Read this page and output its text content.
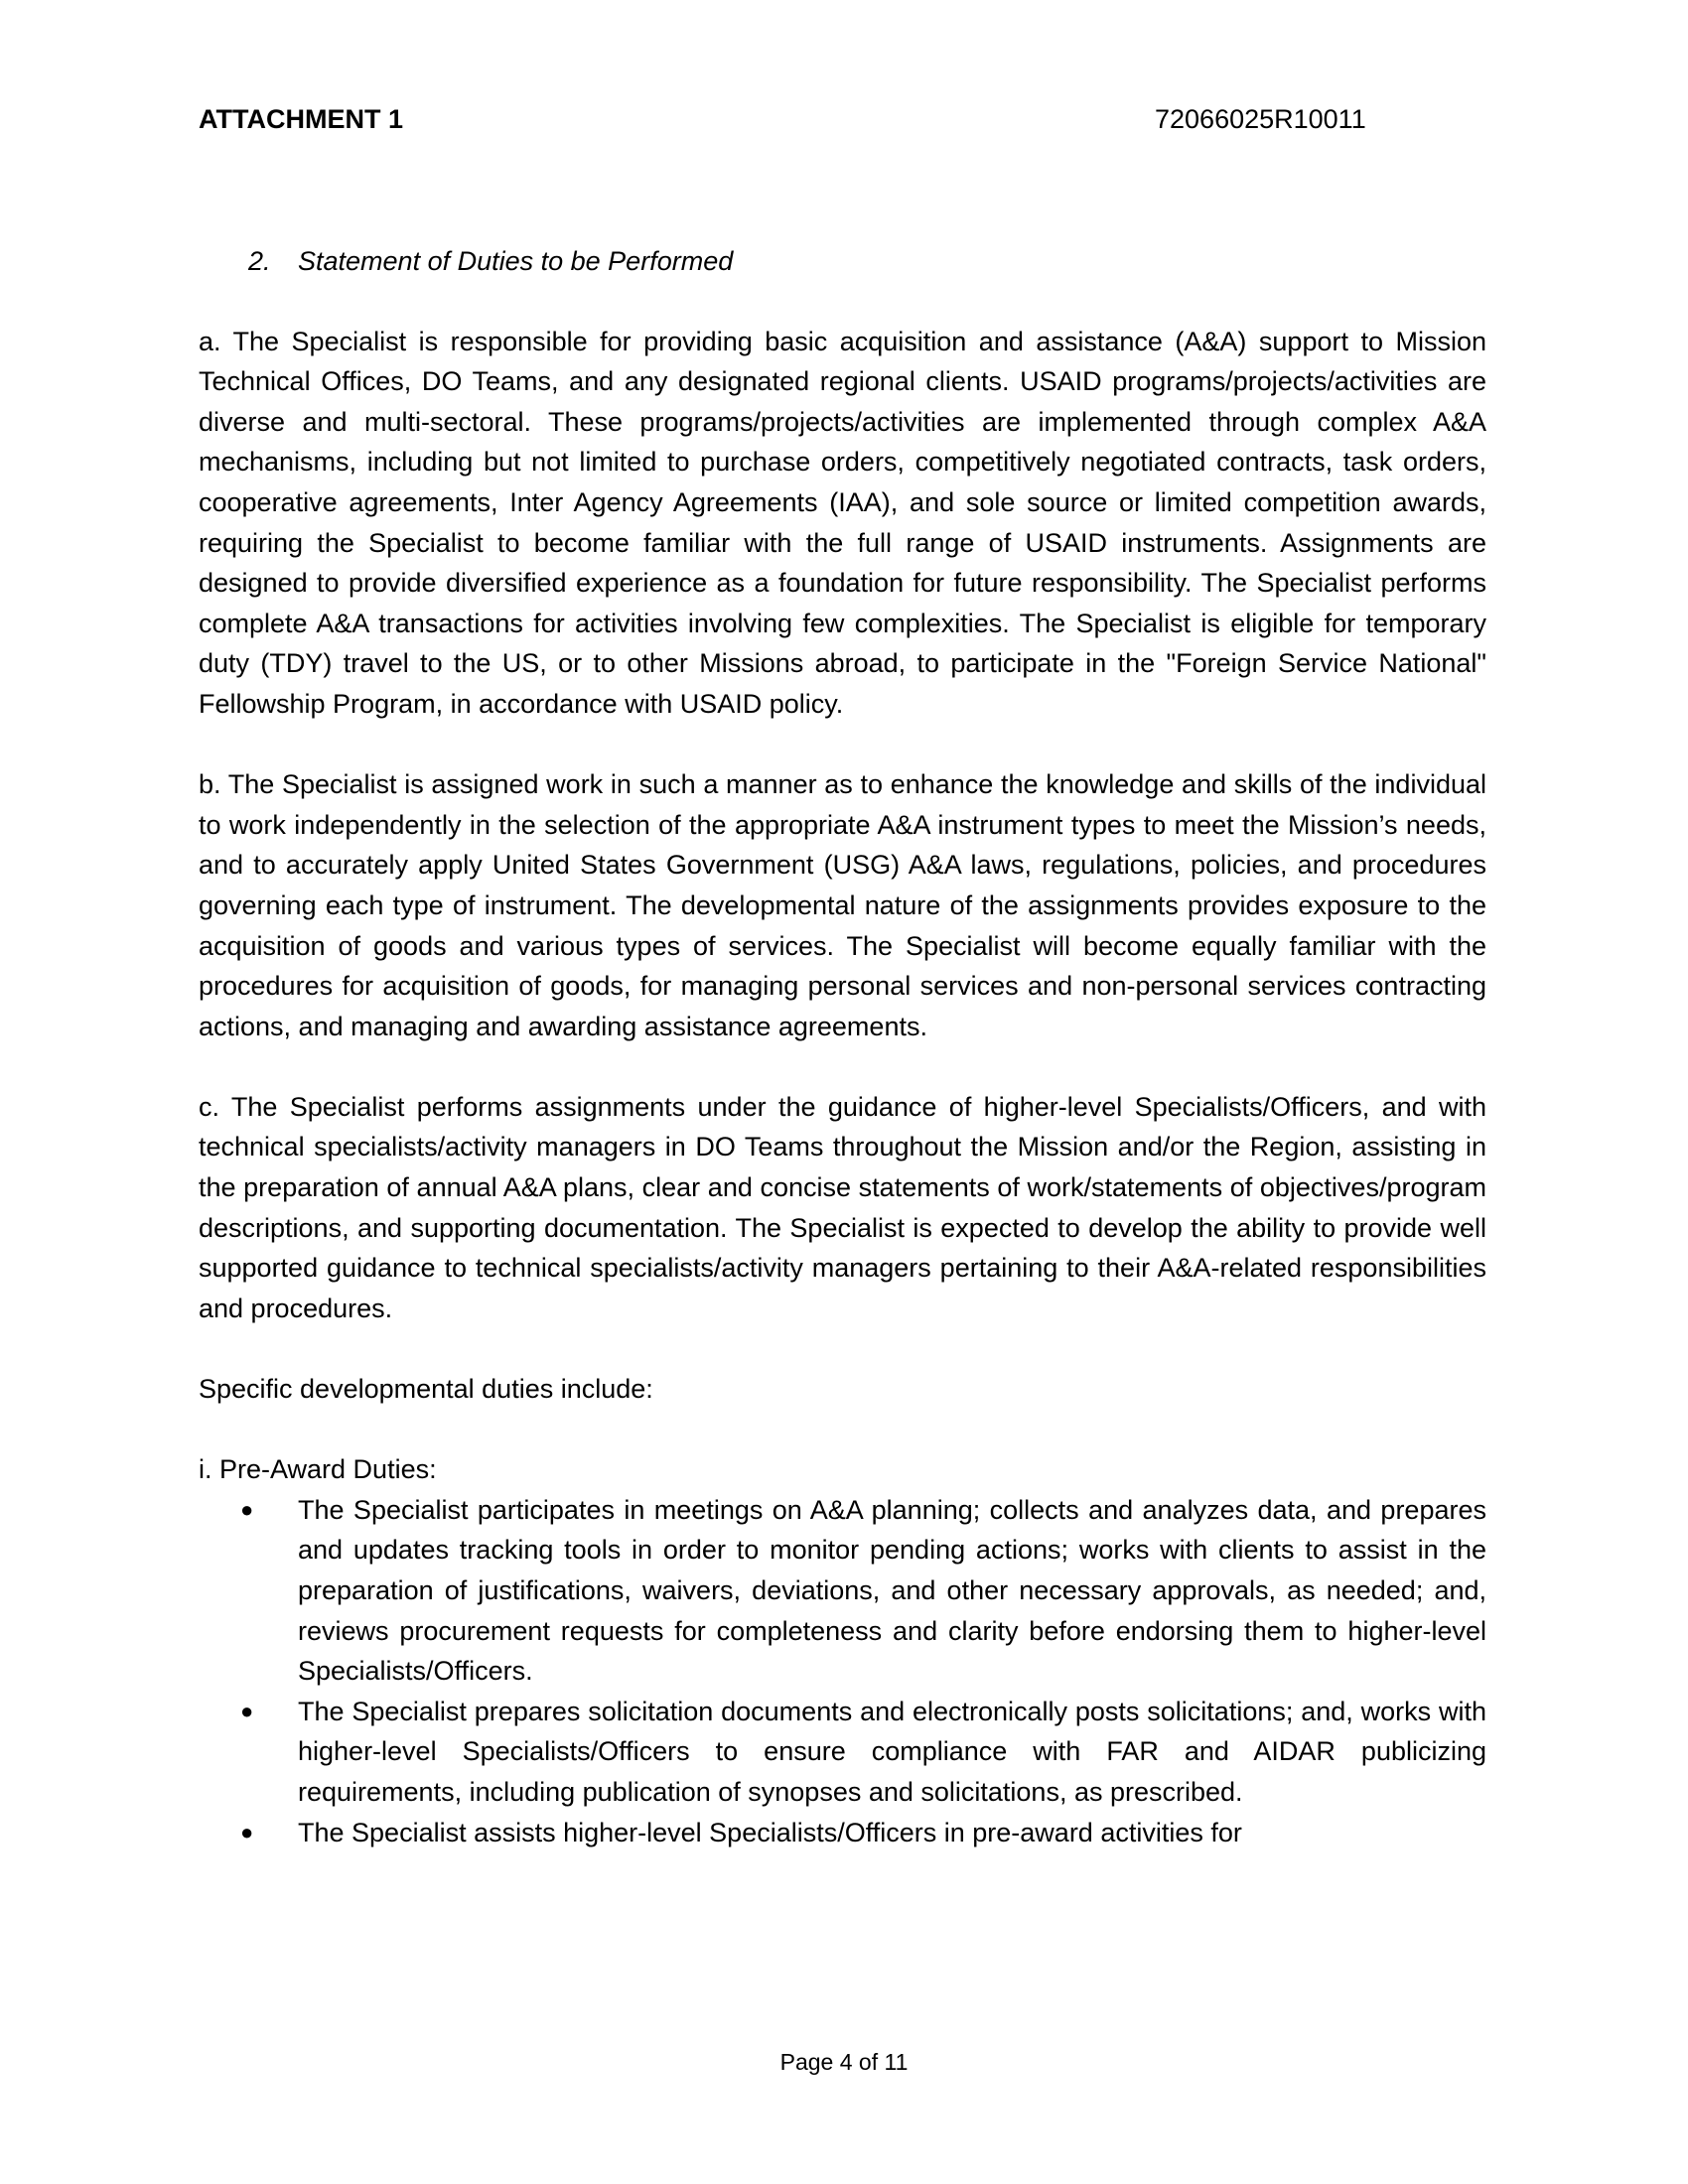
ATTACHMENT 1	72066025R10011
2. Statement of Duties to be Performed

a. The Specialist is responsible for providing basic acquisition and assistance (A&A) support to Mission Technical Offices, DO Teams, and any designated regional clients. USAID programs/projects/activities are diverse and multi-sectoral. These programs/projects/activities are implemented through complex A&A mechanisms, including but not limited to purchase orders, competitively negotiated contracts, task orders, cooperative agreements, Inter Agency Agreements (IAA), and sole source or limited competition awards, requiring the Specialist to become familiar with the full range of USAID instruments. Assignments are designed to provide diversified experience as a foundation for future responsibility. The Specialist performs complete A&A transactions for activities involving few complexities. The Specialist is eligible for temporary duty (TDY) travel to the US, or to other Missions abroad, to participate in the "Foreign Service National" Fellowship Program, in accordance with USAID policy.

b. The Specialist is assigned work in such a manner as to enhance the knowledge and skills of the individual to work independently in the selection of the appropriate A&A instrument types to meet the Mission’s needs, and to accurately apply United States Government (USG) A&A laws, regulations, policies, and procedures governing each type of instrument. The developmental nature of the assignments provides exposure to the acquisition of goods and various types of services. The Specialist will become equally familiar with the procedures for acquisition of goods, for managing personal services and non-personal services contracting actions, and managing and awarding assistance agreements.

c. The Specialist performs assignments under the guidance of higher-level Specialists/Officers, and with technical specialists/activity managers in DO Teams throughout the Mission and/or the Region, assisting in the preparation of annual A&A plans, clear and concise statements of work/statements of objectives/program descriptions, and supporting documentation. The Specialist is expected to develop the ability to provide well supported guidance to technical specialists/activity managers pertaining to their A&A-related responsibilities and procedures.

Specific developmental duties include:
i. Pre-Award Duties:
● The Specialist participates in meetings on A&A planning; collects and analyzes data, and prepares and updates tracking tools in order to monitor pending actions; works with clients to assist in the preparation of justifications, waivers, deviations, and other necessary approvals, as needed; and, reviews procurement requests for completeness and clarity before endorsing them to higher-level Specialists/Officers.
● The Specialist prepares solicitation documents and electronically posts solicitations; and, works with higher-level Specialists/Officers to ensure compliance with FAR and AIDAR publicizing requirements, including publication of synopses and solicitations, as prescribed.
● The Specialist assists higher-level Specialists/Officers in pre-award activities for
Page 4 of 11
